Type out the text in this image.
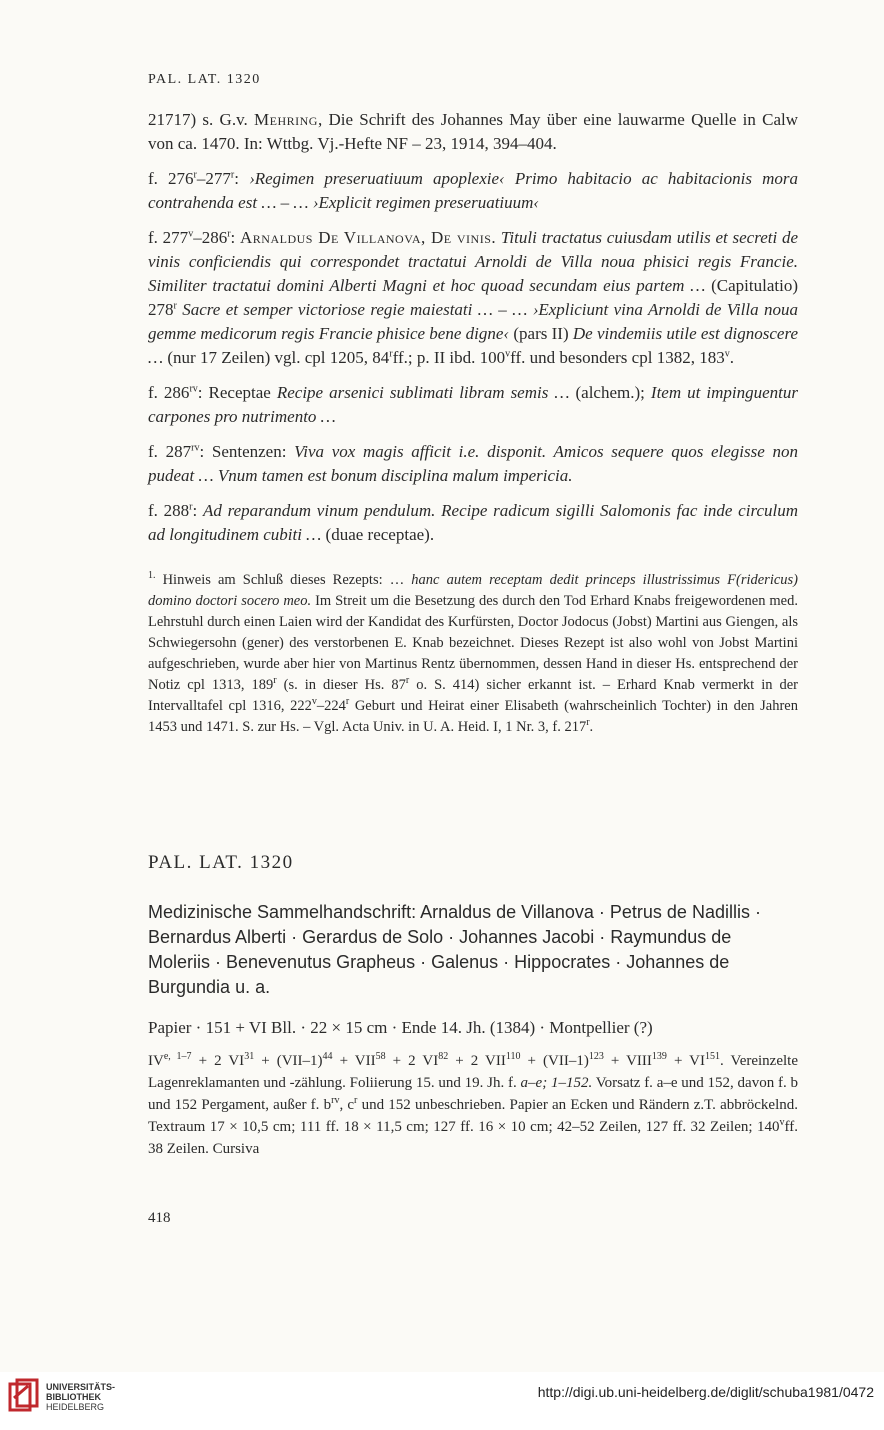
PAL. LAT. 1320

21717) s. G.v. Mehring, Die Schrift des Johannes May über eine lauwarme Quelle in Calw von ca. 1470. In: Wttbg. Vj.-Hefte NF – 23, 1914, 394–404.

f. 276$^r$–277$^r$: ›Regimen preseruatiuum apoplexie‹ Primo habitacio ac habitacionis mora contrahenda est … – … ›Explicit regimen preseruatiuum‹

f. 277$^v$–286$^r$: Arnaldus De Villanova, De vinis. Tituli tractatus cuiusdam utilis et secreti de vinis conficiendis qui correspondet tractatui Arnoldi de Villa noua phisici regis Francie. Similiter tractatui domini Alberti Magni et hoc quoad secundam eius partem … (Capitulatio) 278$^r$ Sacre et semper victoriose regie maiestati … – … ›Expliciunt vina Arnoldi de Villa noua gemme medicorum regis Francie phisice bene digne‹ (pars II) De vindemiis utile est dignoscere … (nur 17 Zeilen) vgl. cpl 1205, 84$^r$ff.; p. II ibd. 100$^v$ff. und besonders cpl 1382, 183$^v$.

f. $286^{rv}$: Receptae Recipe arsenici sublimati libram semis … (alchem.); Item ut impinguentur carpones pro nutrimento …

f. $287^{rv}$: Sentenzen: Viva vox magis afficit i.e. disponit. Amicos sequere quos elegisse non pudeat … Vnum tamen est bonum disciplina malum impericia.

f. 288$^r$: Ad reparandum vinum pendulum. Recipe radicum sigilli Salomonis fac inde circulum ad longitudinem cubiti … (duae receptae).

$^{1.}$ Hinweis am Schluß dieses Rezepts: … hanc autem receptam dedit princeps illustrissimus F(ridericus) domino doctori socero meo. Im Streit um die Besetzung des durch den Tod Erhard Knabs freigewordenen med. Lehrstuhl durch einen Laien wird der Kandidat des Kurfürsten, Doctor Jodocus (Jobst) Martini aus Giengen, als Schwiegersohn (gener) des verstorbenen E. Knab bezeichnet. Dieses Rezept ist also wohl von Jobst Martini aufgeschrieben, wurde aber hier von Martinus Rentz übernommen, dessen Hand in dieser Hs. entsprechend der Notiz cpl 1313, 189$^r$ (s. in dieser Hs. 87$^r$ o. S. 414) sicher erkannt ist. – Erhard Knab vermerkt in der Intervalltafel cpl 1316, 222$^v$–224$^r$ Geburt und Heirat einer Elisabeth (wahrscheinlich Tochter) in den Jahren 1453 und 1471. S. zur Hs. – Vgl. Acta Univ. in U. A. Heid. I, 1 Nr. 3, f. 217$^r$.
PAL. LAT. 1320
Medizinische Sammelhandschrift: Arnaldus de Villanova · Petrus de Nadillis · Bernardus Alberti · Gerardus de Solo · Johannes Jacobi · Raymundus de Moleriis · Benevenutus Grapheus · Galenus · Hippocrates · Johannes de Burgundia u. a.
Papier · 151 + VI Bll. · 22 × 15 cm · Ende 14. Jh. (1384) · Montpellier (?)
IV$^{e, 1-7}$ + 2 $VI^{31} + (VII-1)^{44} + VII^{58} + 2$ $VI^{82} + 2$ $VII^{110} + (VII-1)^{123}$ + $VIII^{139} + VI^{151}$. Vereinzelte Lagenreklamanten und -zählung. Foliierung 15. und 19. Jh. f. a–e; 1–152. Vorsatz f. a–e und 152, davon f. b und 152 Pergament, außer f. $b^{rv}$, $c^r$ und 152 unbeschrieben. Papier an Ecken und Rändern z.T. abbröckelnd. Textraum 17 × 10,5 cm; 111 ff. 18 × 11,5 cm; 127 ff. 16 × 10 cm; 42–52 Zeilen, 127 ff. 32 Zeilen; 140$^v$ff. 38 Zeilen. Cursiva
418
UNIVERSITÄTS-
BIBLIOTHEK
HEIDELBERG
http://digi.ub.uni-heidelberg.de/diglit/schuba1981/0472
